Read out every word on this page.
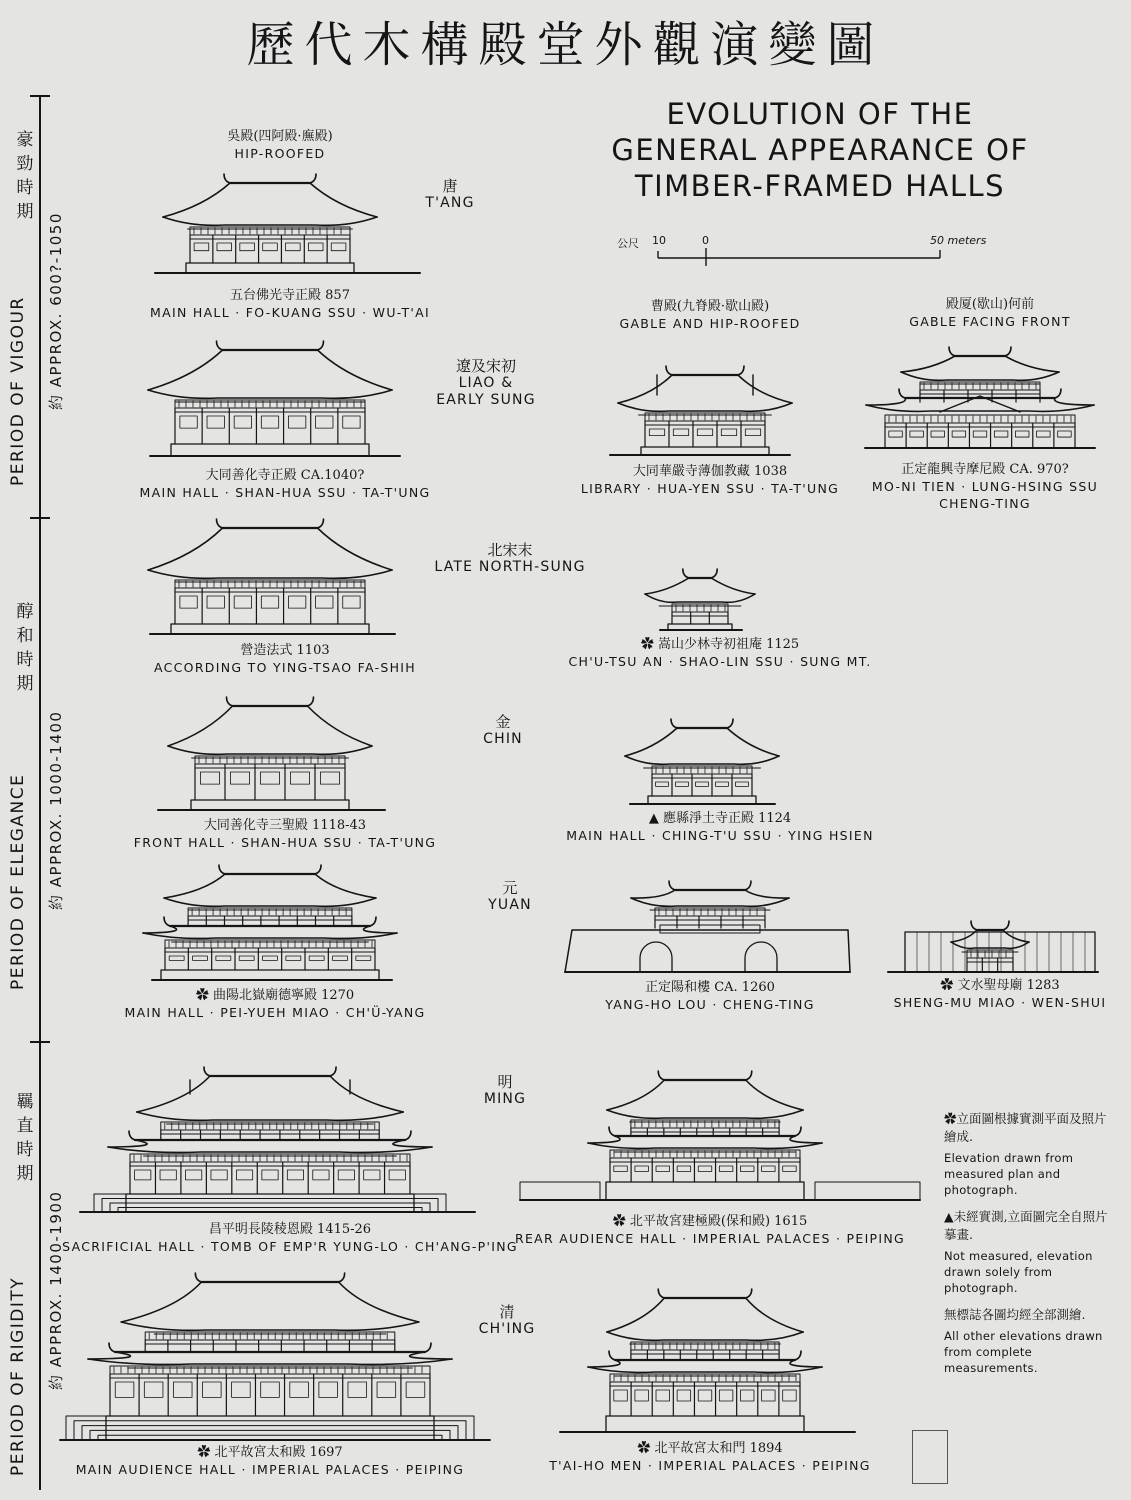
歷代木構殿堂外觀演變圖
EVOLUTION OF THE
GENERAL APPEARANCE OF
TIMBER-FRAMED HALLS
公尺 10	0	50 meters
豪勁時期
PERIOD OF VIGOUR 約 APPROX. 600?-1050
醇和時期
PERIOD OF ELEGANCE 約 APPROX. 1000-1400
羈直時期
PERIOD OF RIGIDITY 約 APPROX. 1400-1900
吳殿(四阿殿·廡殿)
HIP-ROOFED
曹殿(九脊殿·歇山殿)
GABLE AND HIP-ROOFED
殿厦(歇山)何前
GABLE FACING FRONT
唐
T'ANG
遼及宋初
LIAO &
EARLY SUNG
北宋末
LATE NORTH-SUNG
金
CHIN
元
YUAN
明
MING
清
CH'ING
五台佛光寺正殿 857
MAIN HALL · FO-KUANG SSU · WU-T'AI
大同善化寺正殿 CA.1040?
MAIN HALL · SHAN-HUA SSU · TA-T'UNG
大同華嚴寺薄伽教藏 1038
LIBRARY · HUA-YEN SSU · TA-T'UNG
正定龍興寺摩尼殿 CA. 970?
MO-NI TIEN · LUNG-HSING SSU
CHENG-TING
營造法式 1103
ACCORDING TO YING-TSAO FA-SHIH
✿ 嵩山少林寺初祖庵 1125
CH'U-TSU AN · SHAO-LIN SSU · SUNG MT.
大同善化寺三聖殿 1118-43
FRONT HALL · SHAN-HUA SSU · TA-T'UNG
▲ 應縣淨土寺正殿 1124
MAIN HALL · CHING-T'U SSU · YING HSIEN
✿ 曲陽北嶽廟德寧殿 1270
MAIN HALL · PEI-YUEH MIAO · CH'Ü-YANG
正定陽和樓 CA. 1260
YANG-HO LOU · CHENG-TING
✿ 文水聖母廟 1283
SHENG-MU MIAO · WEN-SHUI
昌平明長陵稜恩殿 1415-26
SACRIFICIAL HALL · TOMB OF EMP'R YUNG-LO · CH'ANG-P'ING
✿ 北平故宮建極殿(保和殿) 1615
REAR AUDIENCE HALL · IMPERIAL PALACES · PEIPING
✿ 北平故宮太和殿 1697
MAIN AUDIENCE HALL · IMPERIAL PALACES · PEIPING
✿ 北平故宮太和門 1894
T'AI-HO MEN · IMPERIAL PALACES · PEIPING
✿立面圖根據實測平面及照片繪成.
Elevation drawn from measured plan and photograph.
▲未經實測,立面圖完全自照片摹畫.
Not measured, elevation drawn solely from photograph.
無標誌各圖均經全部測繪.
All other elevations drawn from complete measurements.
